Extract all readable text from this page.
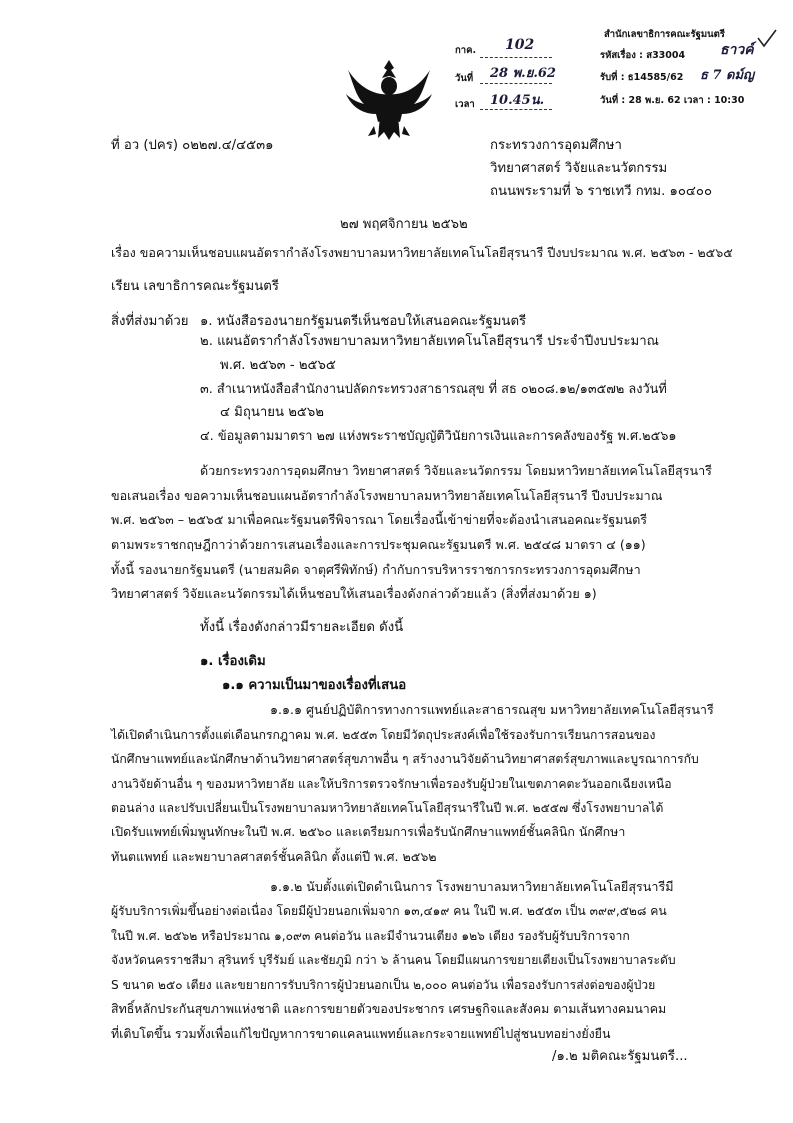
สำนักเลขาธิการคณะรัฐมนตรี
รหัสเรื่อง : ส33004 ธาวค์
รับที่ : ธ14585/62 ธ 7 ดม์ญ
วันที่ : 28 พ.ย. 62 เวลา : 10:30
กาค. 102
วันที่ 28 พ.ย.62
เวลา 10.45น.
ที่ อว (ปคร) ๐๒๒๗.๔/๔๕๓๑	กระทรวงการอุดมศึกษา
วิทยาศาสตร์ วิจัยและนวัตกรรม
ถนนพระรามที่ ๖ ราชเทวี กทม. ๑๐๔๐๐
๒๗ พฤศจิกายน ๒๕๖๒
เรื่อง ขอความเห็นชอบแผนอัตรากำลังโรงพยาบาลมหาวิทยาลัยเทคโนโลยีสุรนารี ปีงบประมาณ พ.ศ. ๒๕๖๓ - ๒๕๖๕
เรียน เลขาธิการคณะรัฐมนตรี
สิ่งที่ส่งมาด้วย ๑. หนังสือรองนายกรัฐมนตรีเห็นชอบให้เสนอคณะรัฐมนตรี
๒. แผนอัตรากำลังโรงพยาบาลมหาวิทยาลัยเทคโนโลยีสุรนารี ประจำปีงบประมาณ
พ.ศ. ๒๕๖๓ - ๒๕๖๕
๓. สำเนาหนังสือสำนักงานปลัดกระทรวงสาธารณสุข ที่ สธ ๐๒๐๘.๑๒/๑๓๕๗๒ ลงวันที่
๔ มิถุนายน ๒๕๖๒
๔. ข้อมูลตามมาตรา ๒๗ แห่งพระราชบัญญัติวินัยการเงินและการคลังของรัฐ พ.ศ.๒๕๖๑
ด้วยกระทรวงการอุดมศึกษา วิทยาศาสตร์ วิจัยและนวัตกรรม โดยมหาวิทยาลัยเทคโนโลยีสุรนารี
ขอเสนอเรื่อง ขอความเห็นชอบแผนอัตรากำลังโรงพยาบาลมหาวิทยาลัยเทคโนโลยีสุรนารี ปีงบประมาณ
พ.ศ. ๒๕๖๓ – ๒๕๖๕ มาเพื่อคณะรัฐมนตรีพิจารณา โดยเรื่องนี้เข้าข่ายที่จะต้องนำเสนอคณะรัฐมนตรี
ตามพระราชกฤษฎีกาว่าด้วยการเสนอเรื่องและการประชุมคณะรัฐมนตรี พ.ศ. ๒๕๔๘ มาตรา ๔ (๑๑)
ทั้งนี้ รองนายกรัฐมนตรี (นายสมคิด จาตุศรีพิทักษ์) กำกับการบริหารราชการกระทรวงการอุดมศึกษา
วิทยาศาสตร์ วิจัยและนวัตกรรมได้เห็นชอบให้เสนอเรื่องดังกล่าวด้วยแล้ว (สิ่งที่ส่งมาด้วย ๑)
ทั้งนี้ เรื่องดังกล่าวมีรายละเอียด ดังนี้
๑. เรื่องเดิม
๑.๑ ความเป็นมาของเรื่องที่เสนอ
๑.๑.๑ ศูนย์ปฏิบัติการทางการแพทย์และสาธารณสุข มหาวิทยาลัยเทคโนโลยีสุรนารี
ได้เปิดดำเนินการตั้งแต่เดือนกรกฎาคม พ.ศ. ๒๕๕๓ โดยมีวัตถุประสงค์เพื่อใช้รองรับการเรียนการสอนของ
นักศึกษาแพทย์และนักศึกษาด้านวิทยาศาสตร์สุขภาพอื่น ๆ สร้างงานวิจัยด้านวิทยาศาสตร์สุขภาพและบูรณาการกับ
งานวิจัยด้านอื่น ๆ ของมหาวิทยาลัย และให้บริการตรวจรักษาเพื่อรองรับผู้ป่วยในเขตภาคตะวันออกเฉียงเหนือ
ตอนล่าง และปรับเปลี่ยนเป็นโรงพยาบาลมหาวิทยาลัยเทคโนโลยีสุรนารีในปี พ.ศ. ๒๕๕๗ ซึ่งโรงพยาบาลได้
เปิดรับแพทย์เพิ่มพูนทักษะในปี พ.ศ. ๒๕๖๐ และเตรียมการเพื่อรับนักศึกษาแพทย์ชั้นคลินิก นักศึกษา
ทันตแพทย์ และพยาบาลศาสตร์ชั้นคลินิก ตั้งแต่ปี พ.ศ. ๒๕๖๒
๑.๑.๒ นับตั้งแต่เปิดดำเนินการ โรงพยาบาลมหาวิทยาลัยเทคโนโลยีสุรนารีมี
ผู้รับบริการเพิ่มขึ้นอย่างต่อเนื่อง โดยมีผู้ป่วยนอกเพิ่มจาก ๑๓,๔๑๙ คน ในปี พ.ศ. ๒๕๕๓ เป็น ๓๙๙,๕๒๘ คน
ในปี พ.ศ. ๒๕๖๒ หรือประมาณ ๑,๐๙๓ คนต่อวัน และมีจำนวนเตียง ๑๒๖ เตียง รองรับผู้รับบริการจาก
จังหวัดนครราชสีมา สุรินทร์ บุรีรัมย์ และชัยภูมิ กว่า ๖ ล้านคน โดยมีแผนการขยายเตียงเป็นโรงพยาบาลระดับ
S ขนาด ๒๕๐ เตียง และขยายการรับบริการผู้ป่วยนอกเป็น ๒,๐๐๐ คนต่อวัน เพื่อรองรับการส่งต่อของผู้ป่วย
สิทธิ์หลักประกันสุขภาพแห่งชาติ และการขยายตัวของประชากร เศรษฐกิจและสังคม ตามเส้นทางคมนาคม
ที่เติบโตขึ้น รวมทั้งเพื่อแก้ไขปัญหาการขาดแคลนแพทย์และกระจายแพทย์ไปสู่ชนบทอย่างยั่งยืน
/๑.๒ มติคณะรัฐมนตรี...
